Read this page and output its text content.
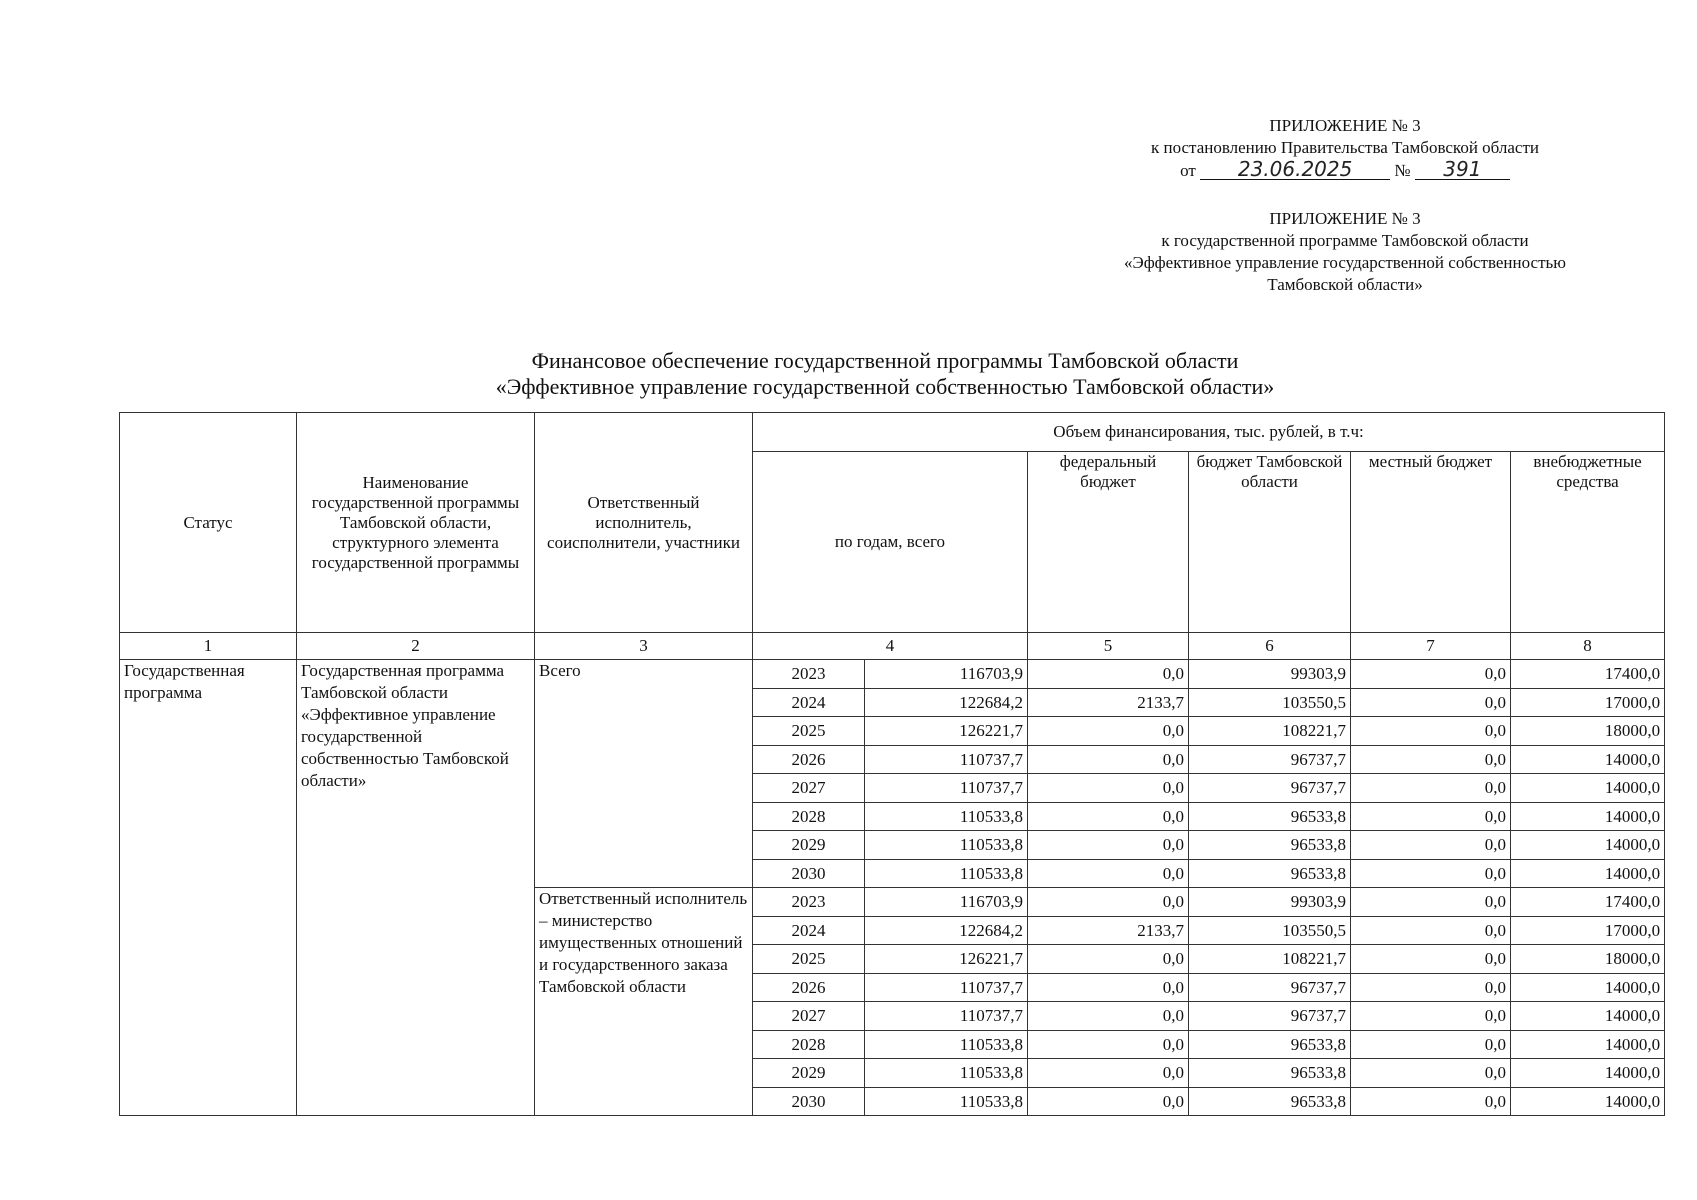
ПРИЛОЖЕНИЕ № 3
к постановлению Правительства Тамбовской области
от 23.06.2025 № 391
ПРИЛОЖЕНИЕ № 3
к государственной программе Тамбовской области
«Эффективное управление государственной собственностью
Тамбовской области»
Финансовое обеспечение государственной программы Тамбовской области
«Эффективное управление государственной собственностью Тамбовской области»
Статус	Наименование государственной программы Тамбовской области, структурного элемента государственной программы	Ответственный исполнитель, соисполнители, участники	Объем финансирования, тыс. рублей, в т.ч:					
			по годам, всего		федеральный бюджет	бюджет Тамбовской области	местный бюджет	внебюджетные средства
1	2	3	4		5	6	7	8
Государственная программа	Государственная программа Тамбовской области «Эффективное управление государственной собственностью Тамбовской области»	Всего	2023	116703,9	0,0	99303,9	0,0	17400,0
			2024	122684,2	2133,7	103550,5	0,0	17000,0
			2025	126221,7	0,0	108221,7	0,0	18000,0
			2026	110737,7	0,0	96737,7	0,0	14000,0
			2027	110737,7	0,0	96737,7	0,0	14000,0
			2028	110533,8	0,0	96533,8	0,0	14000,0
			2029	110533,8	0,0	96533,8	0,0	14000,0
			2030	110533,8	0,0	96533,8	0,0	14000,0
		Ответственный исполнитель – министерство имущественных отношений и государственного заказа Тамбовской области	2023	116703,9	0,0	99303,9	0,0	17400,0
			2024	122684,2	2133,7	103550,5	0,0	17000,0
			2025	126221,7	0,0	108221,7	0,0	18000,0
			2026	110737,7	0,0	96737,7	0,0	14000,0
			2027	110737,7	0,0	96737,7	0,0	14000,0
			2028	110533,8	0,0	96533,8	0,0	14000,0
			2029	110533,8	0,0	96533,8	0,0	14000,0
			2030	110533,8	0,0	96533,8	0,0	14000,0
